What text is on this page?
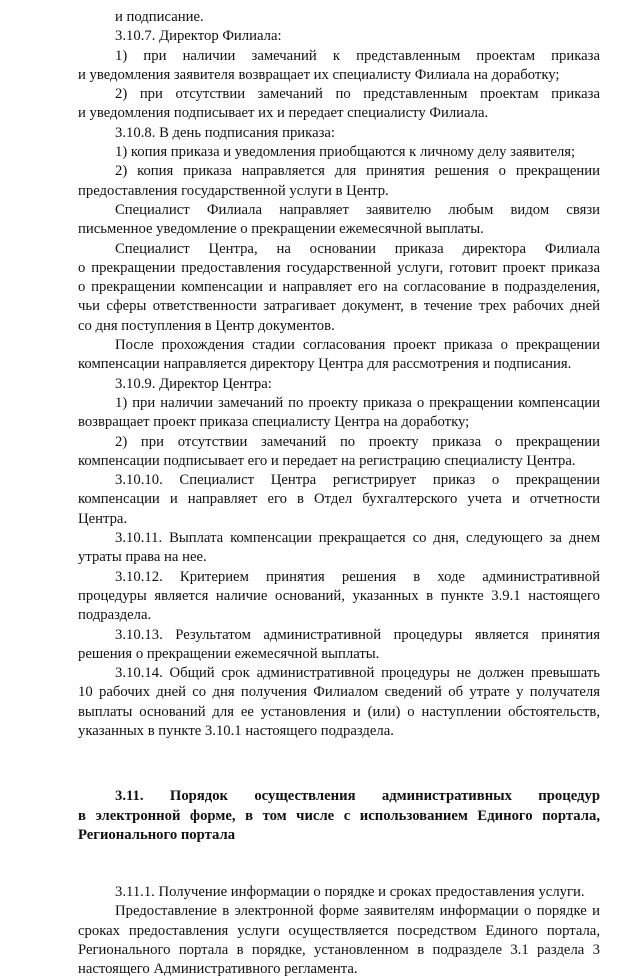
и подписание.
3.10.7. Директор Филиала:
1) при наличии замечаний к представленным проектам приказа
и уведомления заявителя возвращает их специалисту Филиала на доработку;
2) при отсутствии замечаний по представленным проектам приказа
и уведомления подписывает их и передает специалисту Филиала.
3.10.8. В день подписания приказа:
1) копия приказа и уведомления приобщаются к личному делу заявителя;
2) копия приказа направляется для принятия решения о прекращении
предоставления государственной услуги в Центр.
Специалист Филиала направляет заявителю любым видом связи
письменное уведомление о прекращении ежемесячной выплаты.
Специалист Центра, на основании приказа директора Филиала
о прекращении предоставления государственной услуги, готовит проект приказа
о прекращении компенсации и направляет его на согласование в подразделения,
чьи сферы ответственности затрагивает документ, в течение трех рабочих дней
со дня поступления в Центр документов.
После прохождения стадии согласования проект приказа о прекращении
компенсации направляется директору Центра для рассмотрения и подписания.
3.10.9. Директор Центра:
1) при наличии замечаний по проекту приказа о прекращении компенсации
возвращает проект приказа специалисту Центра на доработку;
2) при отсутствии замечаний по проекту приказа о прекращении
компенсации подписывает его и передает на регистрацию специалисту Центра.
3.10.10. Специалист Центра регистрирует приказ о прекращении
компенсации и направляет его в Отдел бухгалтерского учета и отчетности
Центра.
3.10.11. Выплата компенсации прекращается со дня, следующего за днем
утраты права на нее.
3.10.12. Критерием принятия решения в ходе административной
процедуры является наличие оснований, указанных в пункте 3.9.1 настоящего
подраздела.
3.10.13. Результатом административной процедуры является принятия
решения о прекращении ежемесячной выплаты.
3.10.14. Общий срок административной процедуры не должен превышать
10 рабочих дней со дня получения Филиалом сведений об утрате у получателя
выплаты оснований для ее установления и (или) о наступлении обстоятельств,
указанных в пункте 3.10.1 настоящего подраздела.
3.11. Порядок осуществления административных процедур
в электронной форме, в том числе с использованием Единого портала,
Регионального портала
3.11.1. Получение информации о порядке и сроках предоставления услуги.
Предоставление в электронной форме заявителям информации о порядке и
сроках предоставления услуги осуществляется посредством Единого портала,
Регионального портала в порядке, установленном в подразделе 3.1 раздела 3
настоящего Административного регламента.
